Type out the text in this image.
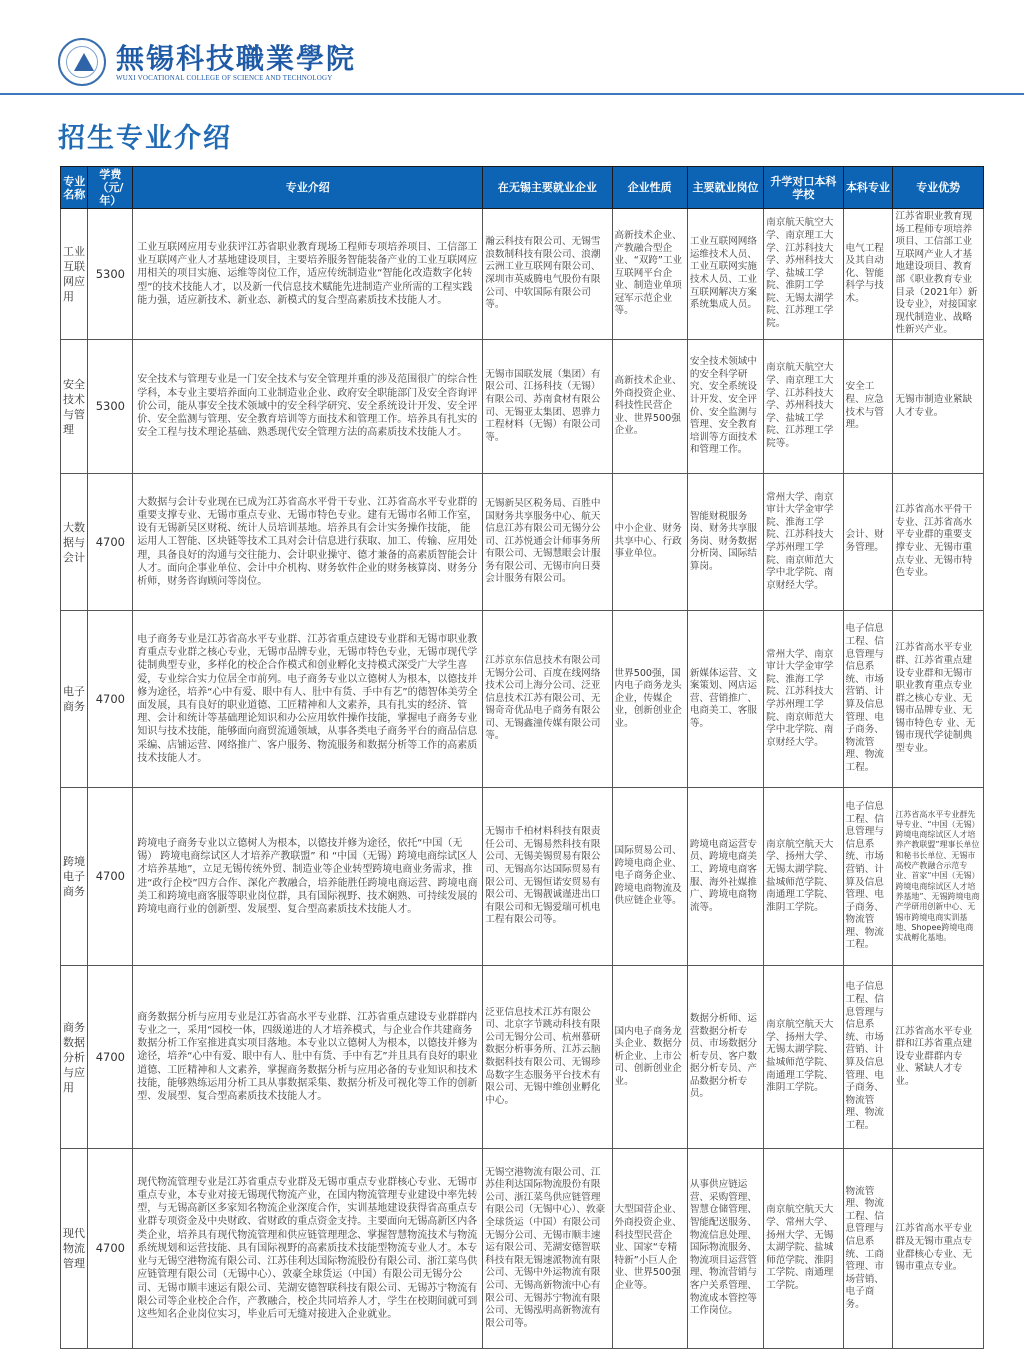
無锡科技職業學院
WUXI VOCATIONAL COLLEGE OF SCIENCE AND TECHNOLOGY
招生专业介绍
专业名称	学费（元/年）	专业介绍	在无锡主要就业企业	企业性质	主要就业岗位	升学对口本科学校	本科专业	专业优势
工业互联网应用	5300	工业互联网应用专业获评江苏省职业教育现场工程师专项培养项目、工信部工业互联网产业人才基地建设项目，主要培养服务智能装备产业的工业互联网应用相关的项目实施、运维等岗位工作，适应传统制造业“智能化改造数字化转型”的技术技能人才，以及新一代信息技术赋能先进制造产业所需的工程实践能力强，适应新技术、新业态、新模式的复合型高素质技术技能人才。	瀚云科技有限公司、无锡雪浪数制科技有限公司、浪潮云洲工业互联网有限公司、深圳市英威腾电气股份有限公司、中软国际有限公司等。	高新技术企业、产教融合型企业、“双跨”工业互联网平台企业、制造业单项冠军示范企业等。	工业互联网网络运维技术人员、工业互联网实施技术人员、工业互联网解决方案系统集成人员。	南京航天航空大学、南京理工大学、江苏科技大学、苏州科技大学、盐城工学院、淮阴工学院、无锡太湖学院、江苏理工学院。	电气工程及其自动化、智能科学与技术。	江苏省职业教育现场工程师专项培养项目、工信部工业互联网产业人才基地建设项目、教育部《职业教育专业目录（2021年）新设专业》，对接国家现代制造业、战略性新兴产业。
安全技术与管理	5300	安全技术与管理专业是一门安全技术与安全管理并重的涉及范围很广的综合性学科，本专业主要培养面向工业制造业企业、政府安全职能部门及安全咨询评价公司，能从事安全技术领域中的安全科学研究、安全系统设计开发、安全评价、安全监测与管理、安全教育培训等方面技术和管理工作。培养具有扎实的安全工程与技术理论基础、熟悉现代安全管理方法的高素质技术技能人才。	无锡市国联发展（集团）有限公司、江扬科技（无锡）有限公司、苏南食材有限公司、无锡亚太集团、恩骅力工程材料（无锡）有限公司等。	高新技术企业、外商投资企业、科技性民营企业、世界500强企业。	安全技术领域中的安全科学研究、安全系统设计开发、安全评价、安全监测与管理、安全教育培训等方面技术和管理工作。	南京航天航空大学、南京理工大学、江苏科技大学、苏州科技大学、盐城工学院、江苏理工学院等。	安全工程、应急技术与管理。	无锡市制造业紧缺人才专业。
大数据与会计	4700	大数据与会计专业现在已成为江苏省高水平骨干专业、江苏省高水平专业群的重要支撑专业、无锡市重点专业、无锡市特色专业。建有无锡市名师工作室，设有无锡新吴区财税、统计人员培训基地。培养具有会计实务操作技能， 能运用人工智能、区块链等技术工具对会计信息进行获取、加工、传输、应用处理，具备良好的沟通与交往能力、会计职业操守、德才兼备的高素质智能会计人才。面向企事业单位、会计中介机构、财务软件企业的财务核算岗、财务分析师，财务咨询顾问等岗位。	无锡新吴区税务局、百胜中国财务共享服务中心、航天信息江苏有限公司无锡分公司、江苏悦通会计师事务所有限公司、无锡慧眼会计服务有限公司、无锡市向日葵会计服务有限公司。	中小企业、财务共享中心、行政事业单位。	智能财税服务岗、财务共享服务岗、财务数据分析岗、国际结算岗。	常州大学、南京审计大学金审学院、淮海工学院、江苏科技大学苏州理工学院、南京师范大学中北学院、南京财经大学。	会计、财务管理。	江苏省高水平骨干专业、江苏省高水平专业群的重要支撑专业、无锡市重点专业、无锡市特色专业。
电子商务	4700	电子商务专业是江苏省高水平专业群、江苏省重点建设专业群和无锡市职业教育重点专业群之核心专业，无锡市品牌专业，无锡市特色专业，无锡市现代学徒制典型专业，多样化的校企合作模式和创业孵化支持模式深受广大学生喜爱，专业综合实力位居全市前列。电子商务专业以立德树人为根本，以德技并修为途径，培养“心中有爱、眼中有人、肚中有货、手中有艺”的德智体美劳全面发展，具有良好的职业道德、工匠精神和人文素养，具有扎实的经济、管理、会计和统计等基础理论知识和办公应用软件操作技能，掌握电子商务专业知识与技术技能，能够面向商贸流通领域，从事各类电子商务平台的商品信息采编、店铺运营、网络推广、客户服务、物流服务和数据分析等工作的高素质技术技能人才。	江苏京东信息技术有限公司无锡分公司、百度在线网络技术公司上海分公司、泛亚信息技术江苏有限公司、无锡奇奇优品电子商务有限公司、无锡鑫潼传媒有限公司等。	世界500强，国内电子商务龙头企业，传媒企业，创新创业企业。	新媒体运营、文案策划、网店运营、营销推广、电商美工、客服等。	常州大学、南京审计大学金审学院、淮海工学院、江苏科技大学苏州理工学院、南京师范大学中北学院、南京财经大学。	电子信息工程、信息管理与信息系统、市场营销、计算及信息管理、电子商务、物流管理、物流工程。	江苏省高水平专业群、江苏省重点建设专业群和无锡市职业教育重点专业群之核心专业、无锡市品牌专业、无锡市特色专 业、无锡市现代学徒制典型专业。
跨境电子商务	4700	跨境电子商务专业以立德树人为根本，以德技并修为途径，依托“中国（无锡） 跨境电商综试区人才培养产教联盟” 和 “中国（无锡）跨境电商综试区人才培养基地”，立足无锡传统外贸、制造业等企业转型跨境电商业务需求，推进“政行企校”四方合作、深化产教融合，培养能胜任跨境电商运营、跨境电商美工和跨境电商客服等职业岗位群，具有国际视野、技术娴熟、可持续发展的跨境电商行业的创新型、发展型、复合型高素质技术技能人才。	无锡市千柏材料科技有限责任公司、无锡易然科技有限公司、无锡美锡贸易有限公司、无锡高尔达国际贸易有限公司、无锡恒诺安贸易有限公司、无锡靓诚谨进出口有限公司和无锡爱瑞可机电工程有限公司等。	国际贸易公司、跨境电商企业、电子商务企业、跨境电商物流及供应链企业等。	跨境电商运营专员、跨境电商美工、跨境电商客服、海外社媒推广、跨境电商物流等。	南京航空航天大学、扬州大学、无锡太湖学院、盐城师范学院、南通理工学院、淮阴工学院。	电子信息工程、信息管理与信息系统、市场营销、计算及信息管理、电子商务、物流管理、物流工程。	江苏省高水平专业群先导专业、“中国（无锡）跨境电商综试区人才培养产教联盟”理事长单位和秘书长单位、无锡市高校产教融合示范专业、首家“中国（无锡）跨境电商综试区人才培养基地”、无锡跨境电商产学研用创新中心、无锡市跨境电商实训基地、Shopee跨境电商实战孵化基地。
商务数据分析与应用	4700	商务数据分析与应用专业是江苏省高水平专业群、江苏省重点建设专业群群内专业之一，采用“园校一体，四级递进的人才培养模式，与企业合作共建商务数据分析工作室推进真实项目落地。本专业以立德树人为根本，以德技并修为途径，培养“心中有爱、眼中有人、肚中有货、手中有艺”并且具有良好的职业道德、工匠精神和人文素养，掌握商务数据分析与应用必备的专业知识和技术技能，能够熟练运用分析工具从事数据采集、数据分析及可视化等工作的创新型、发展型、复合型高素质技术技能人才。	泛亚信息技术江苏有限公司、北京字节跳动科技有限公司无锡分公司、杭州慕研数据分析事务所、江苏云脑数据科技有限公司、无锡珍岛数字生态服务平台技术有限公司、无锡中维创业孵化中心。	国内电子商务龙头企业、数据分析企业、上市公司、创新创业企业。	数据分析师、运营数据分析专员、市场数据分析专员、客户数据分析专员、产品数据分析专员。	南京航空航天大学、扬州大学、无锡太湖学院、盐城师范学院、南通理工学院、淮阴工学院。	电子信息工程、信息管理与信息系统、市场营销、计算及信息管理、电子商务、物流管理、物流工程。	江苏省高水平专业群和江苏省重点建设专业群群内专业、紧缺人才专业。
现代物流管理	4700	现代物流管理专业是江苏省重点专业群及无锡市重点专业群核心专业、无锡市重点专业，本专业对接无锡现代物流产业，在国内物流管理专业建设中率先转型，与无锡高新区多家知名物流企业深度合作，实训基地建设获得省高重点专业群专项资金及中央财政、省财政的重点资金支持。主要面向无锡高新区内各类企业，培养具有现代物流管理和供应链管理理念、掌握智慧物流技术与物流系统规划和运营技能、具有国际视野的高素质技术技能型物流专业人才。本专业与无锡空港物流有限公司、江苏佳利达国际物流股份有限公司、浙江菜鸟供应链管理有限公司（无锡中心）、敦豪全球货运（中国）有限公司无锡分公司、无锡市顺丰速运有限公司、芜湖安德智联科技有限公司、无锡苏宁物流有限公司等企业校企合作，产教融合，校企共同培养人才，学生在校期间就可到这些知名企业岗位实习，毕业后可无缝对接进入企业就业。	无锡空港物流有限公司、江苏佳利达国际物流股份有限公司、浙江菜鸟供应链管理有限公司（无锡中心）、敦豪全球货运（中国）有限公司无锡分公司、无锡市顺丰速运有限公司、芜湖安德智联科技有限无锡速派物流有限公司、无锡中外运物流有限公司、无锡高新物流中心有限公司、无锡苏宁物流有限公司、无锡泓明高新物流有限公司等。	大型国营企业、外商投资企业、科技型民营企业、国家“专精特新”小巨人企业、世界500强企业等。	从事供应链运营、采购管理、智慧仓储管理、智能配送服务、物流信息处理、国际物流服务、物流项目运营管理、物流营销与客户关系管理、物流成本管控等工作岗位。	南京航空航天大学、常州大学、扬州大学、无锡太湖学院、盐城师范学院、淮阴工学院、南通理工学院。	物流管理、物流工程、信息管理与信息系统、工商管理、市场营销、电子商务。	江苏省高水平专业群及无锡市重点专业群核心专业、无锡市重点专业。
